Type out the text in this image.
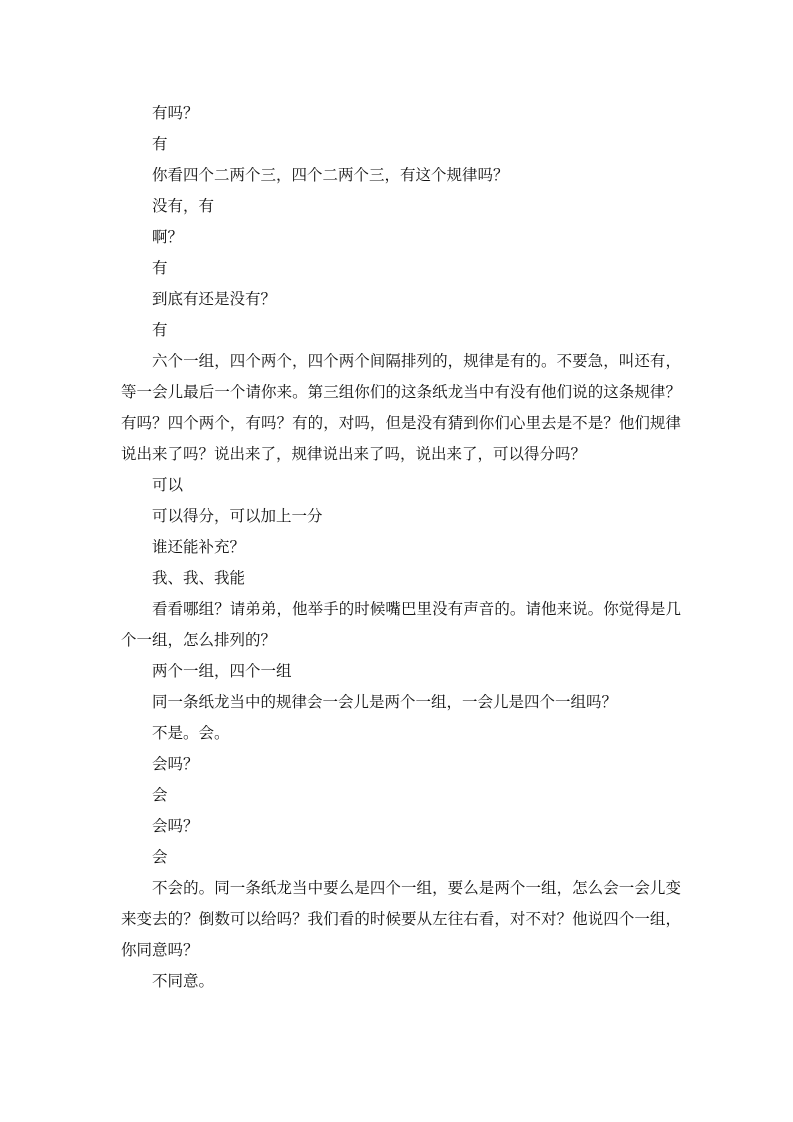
有吗？

有

你看四个二两个三，四个二两个三，有这个规律吗？

没有，有

啊？

有

到底有还是没有？

有

六个一组，四个两个，四个两个间隔排列的，规律是有的。不要急，叫还有，等一会儿最后一个请你来。第三组你们的这条纸龙当中有没有他们说的这条规律？有吗？四个两个，有吗？有的，对吗，但是没有猜到你们心里去是不是？他们规律说出来了吗？说出来了，规律说出来了吗，说出来了，可以得分吗？

可以

可以得分，可以加上一分

谁还能补充？

我、我、我能

看看哪组？请弟弟，他举手的时候嘴巴里没有声音的。请他来说。你觉得是几个一组，怎么排列的？

两个一组，四个一组

同一条纸龙当中的规律会一会儿是两个一组，一会儿是四个一组吗？

不是。会。

会吗？

会

会吗？

会

不会的。同一条纸龙当中要么是四个一组，要么是两个一组，怎么会一会儿变来变去的？倒数可以给吗？我们看的时候要从左往右看，对不对？他说四个一组，你同意吗？

不同意。
